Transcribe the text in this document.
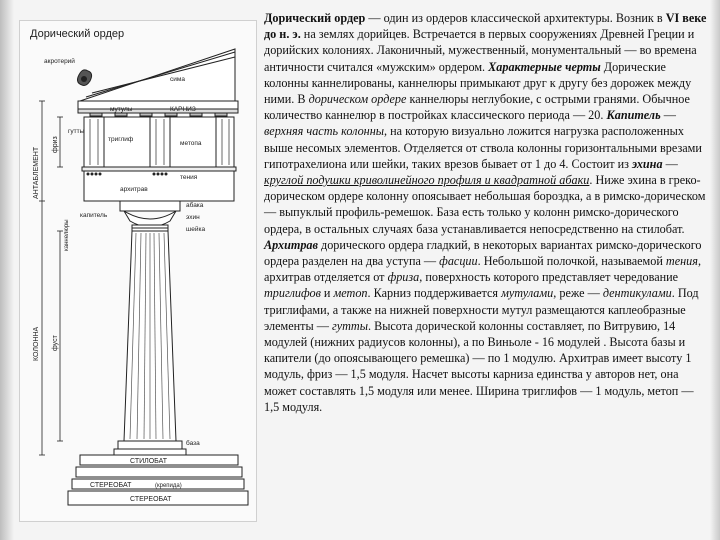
Дорический ордер
АНТАБЛЕМЕНТ
КОЛОННА
фриз
фуст
каннелюры
акротерий
сима
КАРНИЗ
мутулы
гутты
триглиф
метопа
тения
архитрав
абака
эхин
шейка
капитель
база
СТИЛОБАТ
СТЕРЕОБАТ	(крепида)
СТЕРЕОБАТ

Дорический ордер — один из ордеров классической архитектуры. Возник в VI веке до н. э. на землях дорийцев. Встречается в первых сооружениях Древней Греции и дорийских колониях. Лаконичный, мужественный, монументальный — во времена античности считался «мужским» ордером. Характерные черты Дорические колонны каннелированы, каннелюры примыкают друг к другу без дорожек между ними. В дорическом ордере каннелюры неглубокие, с острыми гранями. Обычное количество каннелюр в постройках классического периода — 20. Капитель — верхняя часть колонны, на которую визуально ложится нагрузка расположенных выше несомых элементов. Отделяется от ствола колонны горизонтальными врезами гипотрахелиона или шейки, таких врезов бывает от 1 до 4. Состоит из эхина — круглой подушки криволинейного профиля и квадратной абаки. Ниже эхина в греко-дорическом ордере колонну опоясывает небольшая бороздка, а в римско-дорическом — выпуклый профиль-ремешок. База есть только у колонн римско-дорического ордера, в остальных случаях база устанавливается непосредственно на стилобат. Архитрав дорического ордера гладкий, в некоторых вариантах римско-дорического ордера разделен на два уступа — фасции. Небольшой полочкой, называемой тения, архитрав отделяется от фриза, поверхность которого представляет чередование триглифов и метоп. Карниз поддерживается мутулами, реже — дентикулами. Под триглифами, а также на нижней поверхности мутул размещаются каплеобразные элементы — гутты. Высота дорической колонны составляет, по Витрувию, 14 модулей (нижних радиусов колонны), а по Виньоле - 16 модулей . Высота базы и капители (до опоясывающего ремешка) — по 1 модулю. Архитрав имеет высоту 1 модуль, фриз — 1,5 модуля. Насчет высоты карниза единства у авторов нет, она может составлять 1,5 модуля или менее. Ширина триглифов — 1 модуль, метоп — 1,5 модуля.
